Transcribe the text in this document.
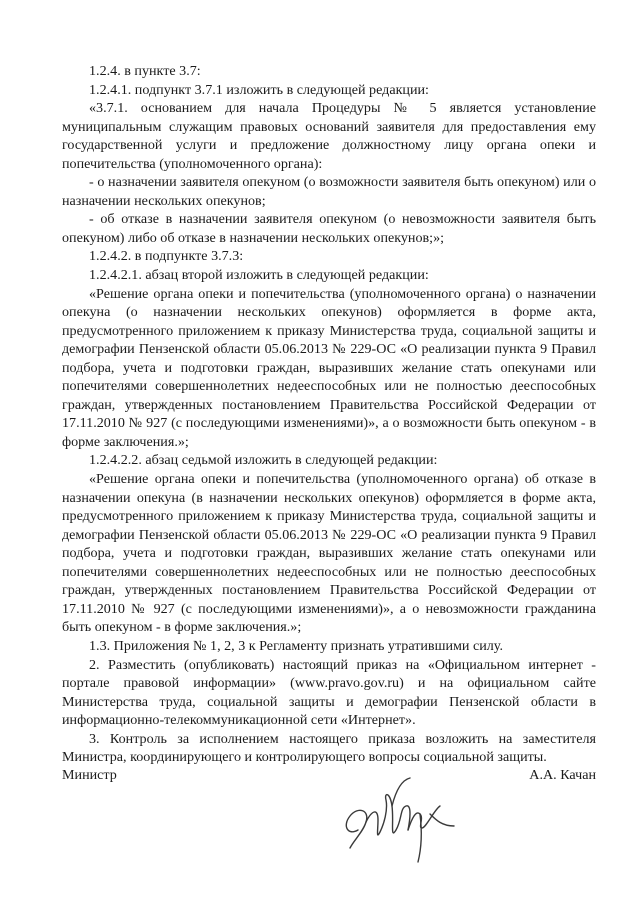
1.2.4. в пункте 3.7:

1.2.4.1. подпункт 3.7.1 изложить в следующей редакции:

«3.7.1. основанием для начала Процедуры № 5 является установление муниципальным служащим правовых оснований заявителя для предоставления ему государственной услуги и предложение должностному лицу органа опеки и попечительства (уполномоченного органа):

- о назначении заявителя опекуном (о возможности заявителя быть опекуном) или о назначении нескольких опекунов;

- об отказе в назначении заявителя опекуном (о невозможности заявителя быть опекуном) либо об отказе в назначении нескольких опекунов;»;

1.2.4.2. в подпункте 3.7.3:

1.2.4.2.1. абзац второй изложить в следующей редакции:

«Решение органа опеки и попечительства (уполномоченного органа) о назначении опекуна (о назначении нескольких опекунов) оформляется в форме акта, предусмотренного приложением к приказу Министерства труда, социальной защиты и демографии Пензенской области 05.06.2013 № 229-ОС «О реализации пункта 9 Правил подбора, учета и подготовки граждан, выразивших желание стать опекунами или попечителями совершеннолетних недееспособных или не полностью дееспособных граждан, утвержденных постановлением Правительства Российской Федерации от 17.11.2010 № 927 (с последующими изменениями)», а о возможности быть опекуном - в форме заключения.»;

1.2.4.2.2. абзац седьмой изложить в следующей редакции:

«Решение органа опеки и попечительства (уполномоченного органа) об отказе в назначении опекуна (в назначении нескольких опекунов) оформляется в форме акта, предусмотренного приложением к приказу Министерства труда, социальной защиты и демографии Пензенской области 05.06.2013 № 229-ОС «О реализации пункта 9 Правил подбора, учета и подготовки граждан, выразивших желание стать опекунами или попечителями совершеннолетних недееспособных или не полностью дееспособных граждан, утвержденных постановлением Правительства Российской Федерации от 17.11.2010 № 927 (с последующими изменениями)», а о невозможности гражданина быть опекуном - в форме заключения.»;

1.3. Приложения № 1, 2, 3 к Регламенту признать утратившими силу.

2. Разместить (опубликовать) настоящий приказ на «Официальном интернет - портале правовой информации» (www.pravo.gov.ru) и на официальном сайте Министерства труда, социальной защиты и демографии Пензенской области в информационно-телекоммуникационной сети «Интернет».

3. Контроль за исполнением настоящего приказа возложить на заместителя Министра, координирующего и контролирующего вопросы социальной защиты.

Министр	А.А. Качан
